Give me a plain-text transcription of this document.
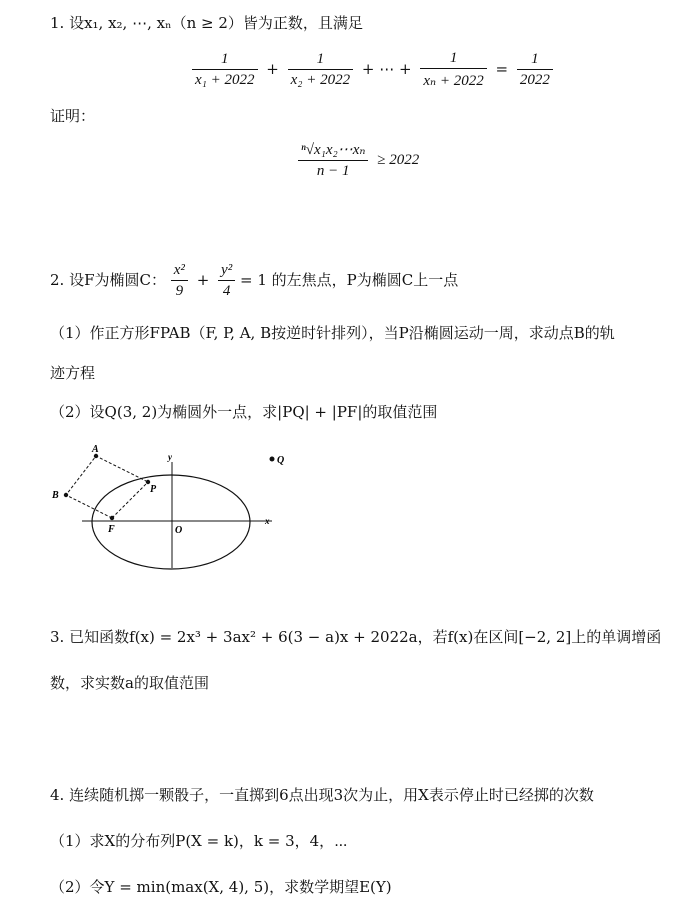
1. 设x₁, x₂, ⋯, xₙ（n ≥ 2）皆为正数，且满足
$\frac{1}{\text{x₁ + 2022}} + \frac{1}{\text{x₂ + 2022}}$ + ⋯ + $\frac{1}{\text{xₙ + 2022}} = \frac{1}{2022}$
证明：
$\frac{\text{ⁿ√x₁x₂⋯xₙ}}{n - 1} \ge 2022$
2. 设F为椭圆C： $\frac{\text{x²}}{9} + \frac{\text{y²}}{4} = 1$ 的左焦点，P为椭圆C上一点
（1）作正方形FPAB（F, P, A, B按逆时针排列），当P沿椭圆运动一周，求动点B的轨
迹方程
（2）设Q(3, 2)为椭圆外一点，求|PQ| + |PF|的取值范围
A
B
P
F	O
Q
x
y
3. 已知函数f(x) = 2x³ + 3ax² + 6(3 − a)x + 2022a，若f(x)在区间[−2, 2]上的单调增函
数，求实数a的取值范围
4. 连续随机掷一颗骰子，一直掷到6点出现3次为止，用X表示停止时已经掷的次数
（1）求X的分布列P(X = k)，k = 3，4，⋯
（2）令Y = min(max(X, 4), 5)，求数学期望E(Y)
